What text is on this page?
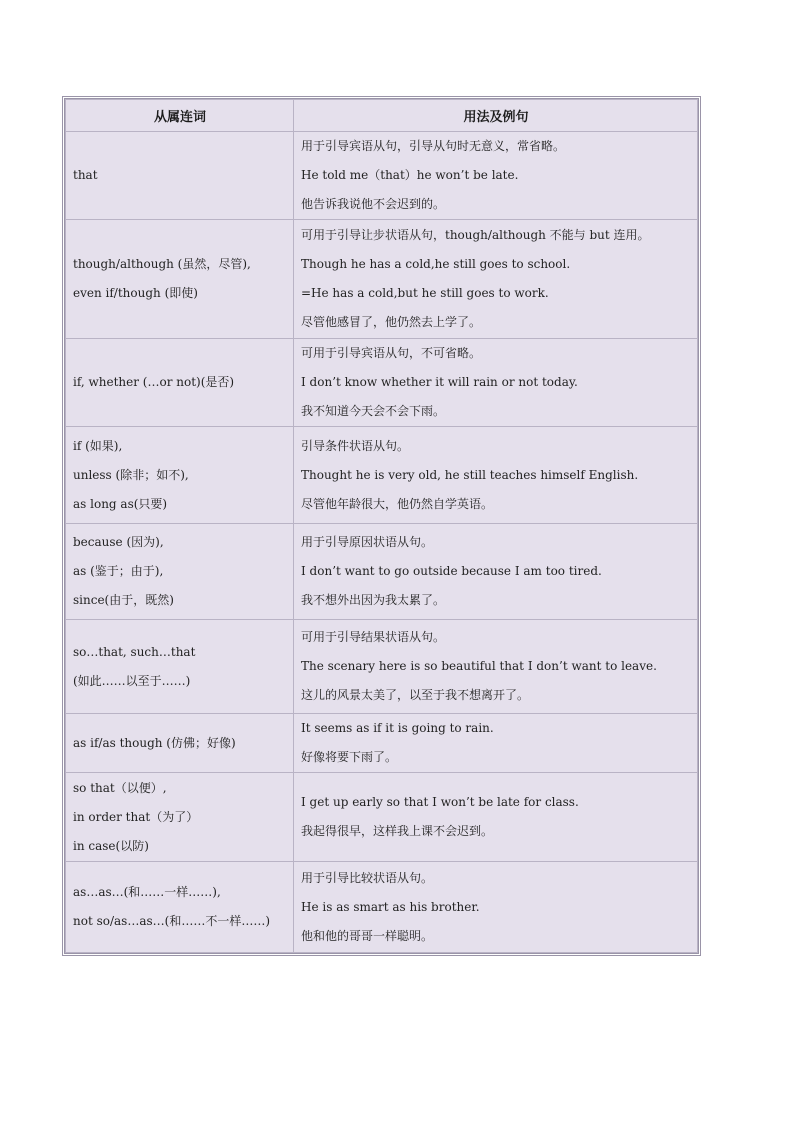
从属连词	用法及例句

that	用于引导宾语从句，引导从句时无意义，常省略。
He told me（that）he won’t be late.
他告诉我说他不会迟到的。

though/although (虽然，尽管),
even if/though (即使)	可用于引导让步状语从句，though/although 不能与 but 连用。
Though he has a cold,he still goes to school.
=He has a cold,but he still goes to work.
尽管他感冒了，他仍然去上学了。

if, whether (…or not)(是否)	可用于引导宾语从句，不可省略。
I don’t know whether it will rain or not today.
我不知道今天会不会下雨。

if (如果),
unless (除非；如不),
as long as(只要)	引导条件状语从句。
Thought he is very old, he still teaches himself English.
尽管他年龄很大，他仍然自学英语。

because (因为),
as (鉴于；由于),
since(由于，既然)	用于引导原因状语从句。
I don’t want to go outside because I am too tired.
我不想外出因为我太累了。

so…that, such…that
(如此……以至于……)	可用于引导结果状语从句。
The scenary here is so beautiful that I don’t want to leave.
这儿的风景太美了，以至于我不想离开了。

as if/as though (仿佛；好像)	It seems as if it is going to rain.
好像将要下雨了。

so that（以便）,
in order that（为了）
in case(以防)	I get up early so that I won’t be late for class.
我起得很早，这样我上课不会迟到。

as…as…(和……一样……),
not so/as…as…(和……不一样……)	用于引导比较状语从句。
He is as smart as his brother.
他和他的哥哥一样聪明。
